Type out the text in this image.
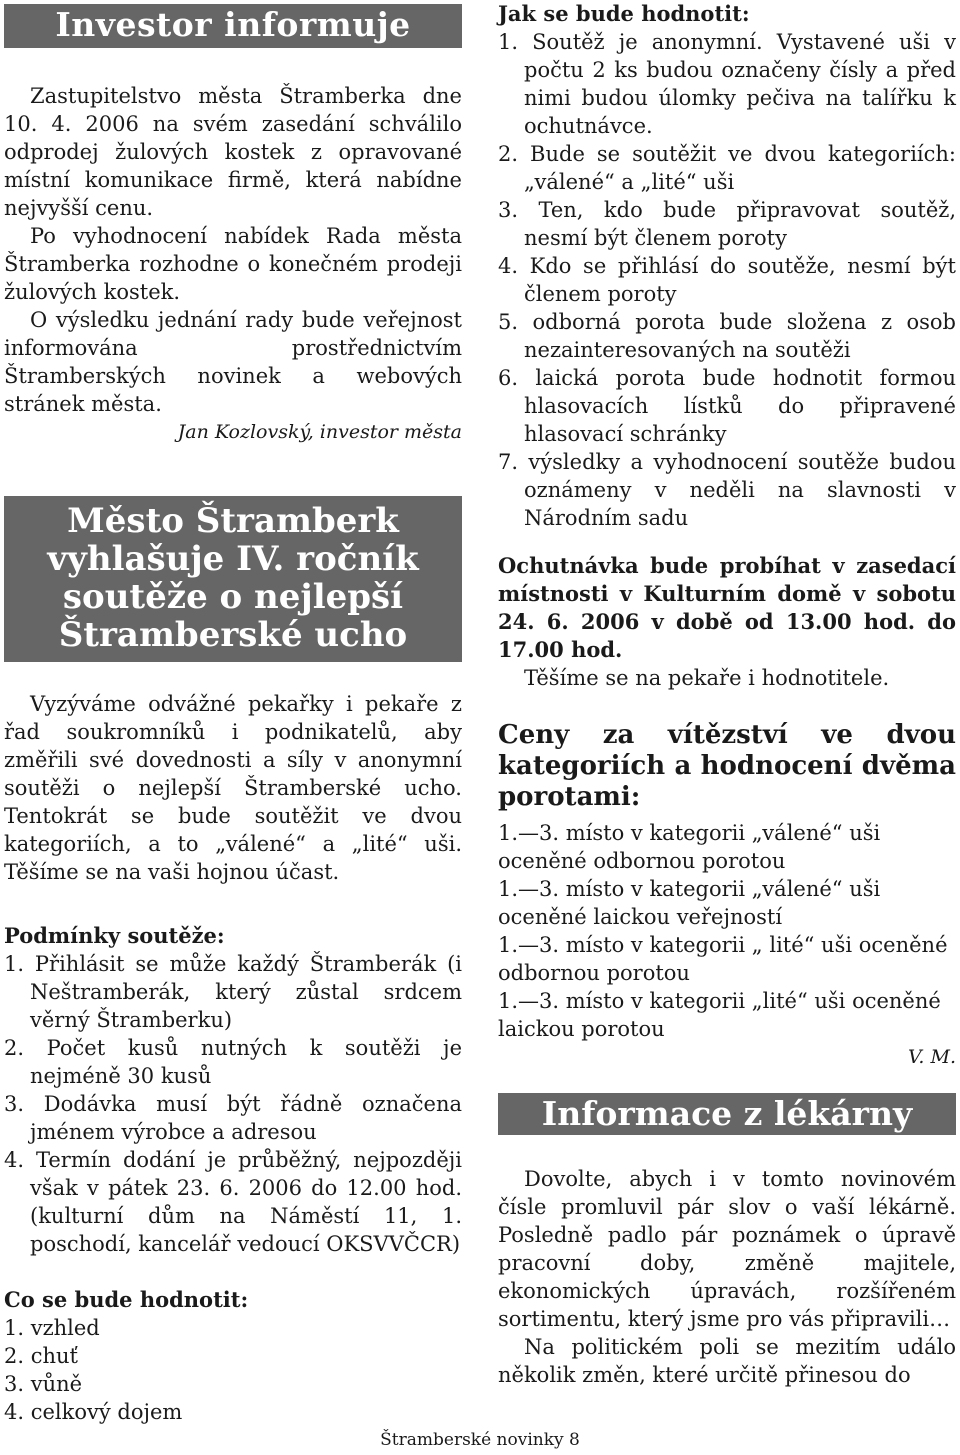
Investor informuje

Zastupitelstvo města Štramberka dne 10. 4. 2006 na svém zasedání schválilo odprodej žulových kostek z opravované místní komunikace firmě, která nabídne nejvyšší cenu.

Po vyhodnocení nabídek Rada města Štramberka rozhodne o konečném prodeji žulových kostek.

O výsledku jednání rady bude veřejnost informována prostřednictvím Štramberských novinek a webových stránek města.

Jan Kozlovský, investor města

Město Štramberk vyhlašuje IV. ročník soutěže o nejlepší Štramberské ucho

Vyzýváme odvážné pekařky i pekaře z řad soukromníků i podnikatelů, aby změřili své dovednosti a síly v anonymní soutěži o nejlepší Štramberské ucho. Tentokrát se bude soutěžit ve dvou kategoriích, a to „válené“ a „lité“ uši. Těšíme se na vaši hojnou účast.

Podmínky soutěže:
1. Přihlásit se může každý Štramberák (i Neštramberák, který zůstal srdcem věrný Štramberku)
2. Počet kusů nutných k soutěži je nejméně 30 kusů
3. Dodávka musí být řádně označena jménem výrobce a adresou
4. Termín dodání je průběžný, nejpozději však v pátek 23. 6. 2006 do 12.00 hod. (kulturní dům na Náměstí 11, 1. poschodí, kancelář vedoucí OKSVVČCR)
Co se bude hodnotit:
1. vzhled
2. chuť
3. vůně
4. celkový dojem
Jak se bude hodnotit:
1. Soutěž je anonymní. Vystavené uši v počtu 2 ks budou označeny čísly a před nimi budou úlomky pečiva na talířku k ochutnávce.
2. Bude se soutěžit ve dvou kategoriích: „válené“ a „lité“ uši
3. Ten, kdo bude připravovat soutěž, nesmí být členem poroty
4. Kdo se přihlásí do soutěže, nesmí být členem poroty
5. odborná porota bude složena z osob nezainteresovaných na soutěži
6. laická porota bude hodnotit formou hlasovacích lístků do připravené hlasovací schránky
7. výsledky a vyhodnocení soutěže budou oznámeny v neděli na slavnosti v Národním sadu

Ochutnávka bude probíhat v zasedací místnosti v Kulturním domě v sobotu 24. 6. 2006 v době od 13.00 hod. do 17.00 hod.

Těšíme se na pekaře i hodnotitele.

Ceny za vítězství ve dvou kategoriích a hodnocení dvěma porotami:
1.—3. místo v kategorii „válené“ uši oceněné odbornou porotou
1.—3. místo v kategorii „válené“ uši oceněné laickou veřejností
1.—3. místo v kategorii „ lité“ uši oceněné odbornou porotou
1.—3. místo v kategorii „lité“ uši oceněné laickou porotou

V. M.

Informace z lékárny

Dovolte, abych i v tomto novinovém čísle promluvil pár slov o vaší lékárně. Posledně padlo pár poznámek o úpravě pracovní doby, změně majitele, ekonomických úpravách, rozšířeném sortimentu, který jsme pro vás připravili…

Na politickém poli se mezitím událo několik změn, které určitě přinesou do

Štramberské novinky 8
